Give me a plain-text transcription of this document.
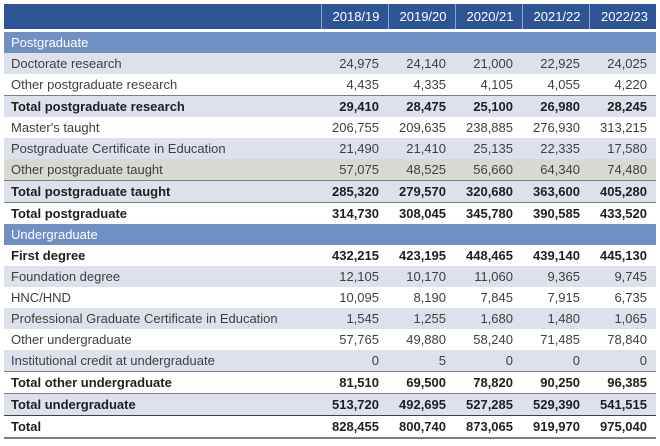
	2018/19	2019/20	2020/21	2021/22	2022/23
Postgraduate					
Doctorate research	24,975	24,140	21,000	22,925	24,025
Other postgraduate research	4,435	4,335	4,105	4,055	4,220
Total postgraduate research	29,410	28,475	25,100	26,980	28,245
Master's taught	206,755	209,635	238,885	276,930	313,215
Postgraduate Certificate in Education	21,490	21,410	25,135	22,335	17,580
Other postgraduate taught	57,075	48,525	56,660	64,340	74,480
Total postgraduate taught	285,320	279,570	320,680	363,600	405,280
Total postgraduate	314,730	308,045	345,780	390,585	433,520
Undergraduate					
First degree	432,215	423,195	448,465	439,140	445,130
Foundation degree	12,105	10,170	11,060	9,365	9,745
HNC/HND	10,095	8,190	7,845	7,915	6,735
Professional Graduate Certificate in Education	1,545	1,255	1,680	1,480	1,065
Other undergraduate	57,765	49,880	58,240	71,485	78,840
Institutional credit at undergraduate	0	5	0	0	0
Total other undergraduate	81,510	69,500	78,820	90,250	96,385
Total undergraduate	513,720	492,695	527,285	529,390	541,515
Total	828,455	800,740	873,065	919,970	975,040
